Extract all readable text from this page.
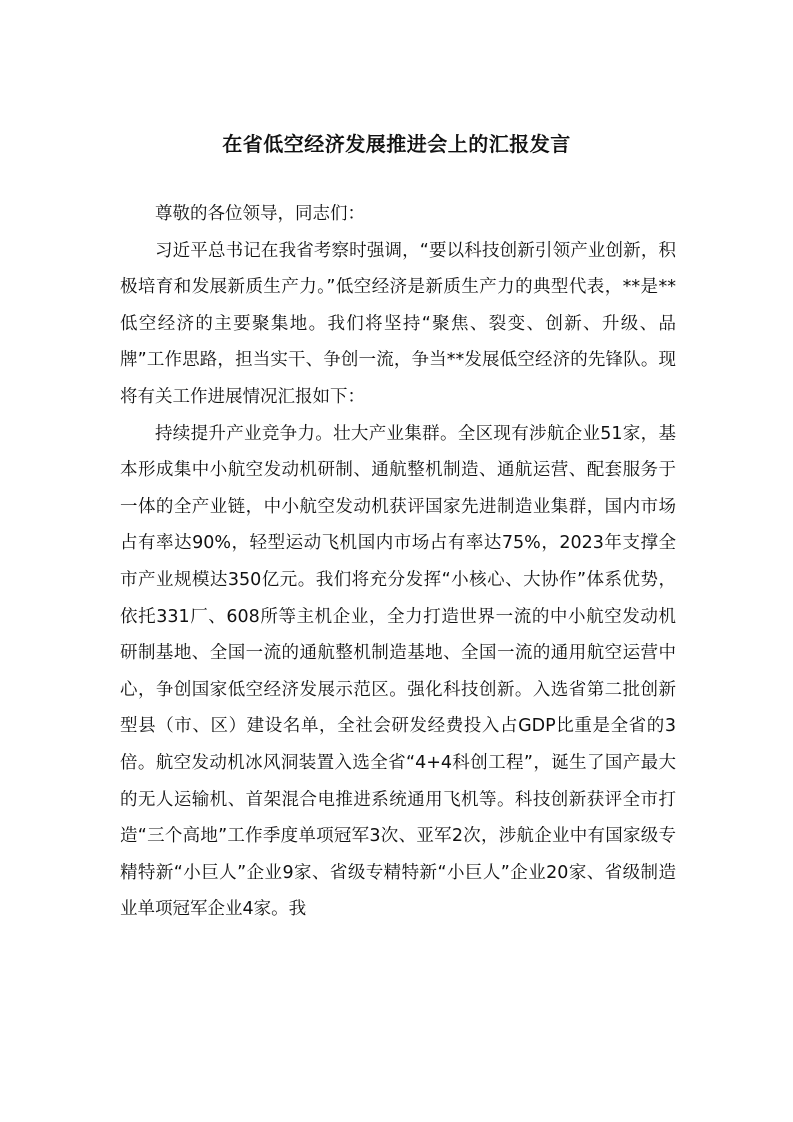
在省低空经济发展推进会上的汇报发言

尊敬的各位领导，同志们：

习近平总书记在我省考察时强调，“要以科技创新引领产业创新，积极培育和发展新质生产力。”低空经济是新质生产力的典型代表，**是**低空经济的主要聚集地。我们将坚持“聚焦、裂变、创新、升级、品牌”工作思路，担当实干、争创一流，争当**发展低空经济的先锋队。现将有关工作进展情况汇报如下：

持续提升产业竞争力。壮大产业集群。全区现有涉航企业51家，基本形成集中小航空发动机研制、通航整机制造、通航运营、配套服务于一体的全产业链，中小航空发动机获评国家先进制造业集群，国内市场占有率达90%，轻型运动飞机国内市场占有率达75%，2023年支撑全市产业规模达350亿元。我们将充分发挥“小核心、大协作”体系优势，依托331厂、608所等主机企业，全力打造世界一流的中小航空发动机研制基地、全国一流的通航整机制造基地、全国一流的通用航空运营中心，争创国家低空经济发展示范区。强化科技创新。入选省第二批创新型县（市、区）建设名单，全社会研发经费投入占GDP比重是全省的3倍。航空发动机冰风洞装置入选全省“4+4科创工程”，诞生了国产最大的无人运输机、首架混合电推进系统通用飞机等。科技创新获评全市打造“三个高地”工作季度单项冠军3次、亚军2次，涉航企业中有国家级专精特新“小巨人”企业9家、省级专精特新“小巨人”企业20家、省级制造业单项冠军企业4家。我
